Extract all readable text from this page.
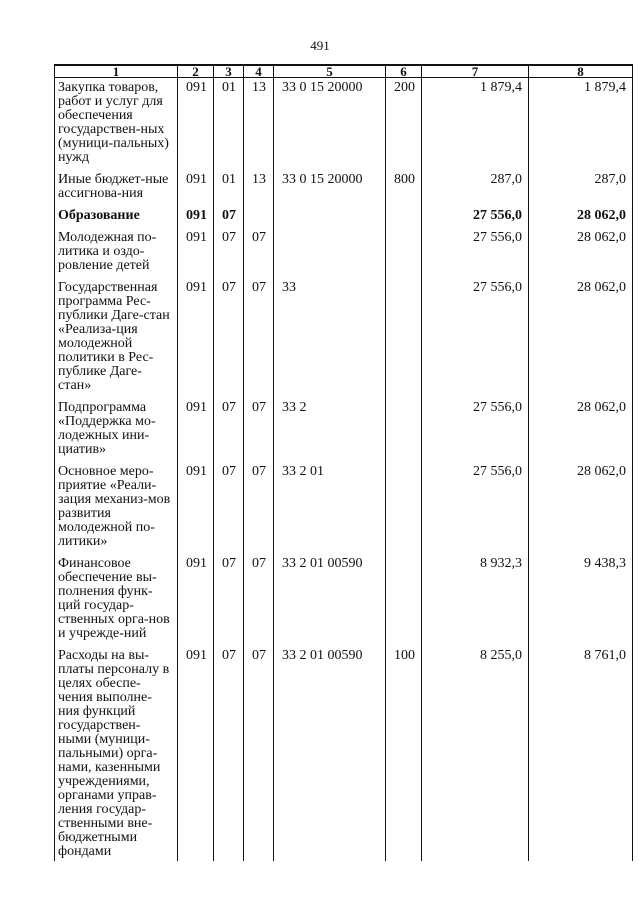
491
1	2	3	4	5	6	7	8
Закупка товаров, работ и услуг для обеспечения государствен-ных (муници-пальных) нужд	091	01	13	33 0 15 20000	200	1 879,4	1 879,4
Иные бюджет-ные ассигнова-ния	091	01	13	33 0 15 20000	800	287,0	287,0
Образование	091	07				27 556,0	28 062,0
Молодежная по-литика и оздо-ровление детей	091	07	07			27 556,0	28 062,0
Государственная программа Рес-публики Даге-стан «Реализа-ция молодежной политики в Рес-публике Даге-стан»	091	07	07	33		27 556,0	28 062,0
Подпрограмма «Поддержка мо-лодежных ини-циатив»	091	07	07	33 2		27 556,0	28 062,0
Основное меро-приятие «Реали-зация механиз-мов развития молодежной по-литики»	091	07	07	33 2 01		27 556,0	28 062,0
Финансовое обеспечение вы-полнения функ-ций государ-ственных орга-нов и учрежде-ний	091	07	07	33 2 01 00590		8 932,3	9 438,3
Расходы на вы-платы персоналу в целях обеспе-чения выполне-ния функций государствен-ными (муници-пальными) орга-нами, казенными учреждениями, органами управ-ления государ-ственными вне-бюджетными фондами	091	07	07	33 2 01 00590	100	8 255,0	8 761,0
